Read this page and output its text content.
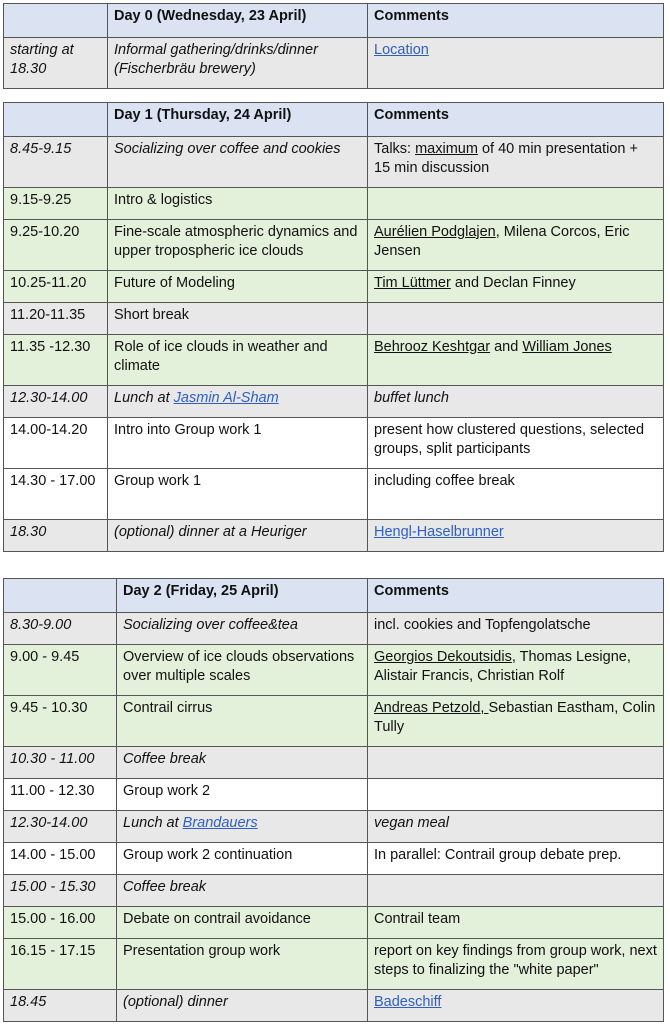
	Day 0 (Wednesday, 23 April)	Comments
starting at 18.30	Informal gathering/drinks/dinner (Fischerbräu brewery)	Location
	Day 1 (Thursday, 24 April)	Comments
8.45-9.15	Socializing over coffee and cookies	Talks: maximum of 40 min presentation + 15 min discussion
9.15-9.25	Intro & logistics	
9.25-10.20	Fine-scale atmospheric dynamics and upper tropospheric ice clouds	Aurélien Podglajen, Milena Corcos, Eric Jensen
10.25-11.20	Future of Modeling	Tim Lüttmer and Declan Finney
11.20-11.35	Short break	
11.35 -12.30	Role of ice clouds in weather and climate	Behrooz Keshtgar and William Jones
12.30-14.00	Lunch at Jasmin Al-Sham	buffet lunch
14.00-14.20	Intro into Group work 1	present how clustered questions, selected groups, split participants
14.30 - 17.00	Group work 1	including coffee break
18.30	(optional) dinner at a Heuriger	Hengl-Haselbrunner
	Day 2 (Friday, 25 April)	Comments
8.30-9.00	Socializing over coffee&tea	incl. cookies and Topfengolatsche
9.00 - 9.45	Overview of ice clouds observations over multiple scales	Georgios Dekoutsidis, Thomas Lesigne, Alistair Francis, Christian Rolf
9.45 - 10.30	Contrail cirrus	Andreas Petzold, Sebastian Eastham, Colin Tully
10.30 - 11.00	Coffee break	
11.00 - 12.30	Group work 2	
12.30-14.00	Lunch at Brandauers	vegan meal
14.00 - 15.00	Group work 2 continuation	In parallel: Contrail group debate prep.
15.00 - 15.30	Coffee break	
15.00 - 16.00	Debate on contrail avoidance	Contrail team
16.15 - 17.15	Presentation group work	report on key findings from group work, next steps to finalizing the "white paper"
18.45	(optional) dinner	Badeschiff
